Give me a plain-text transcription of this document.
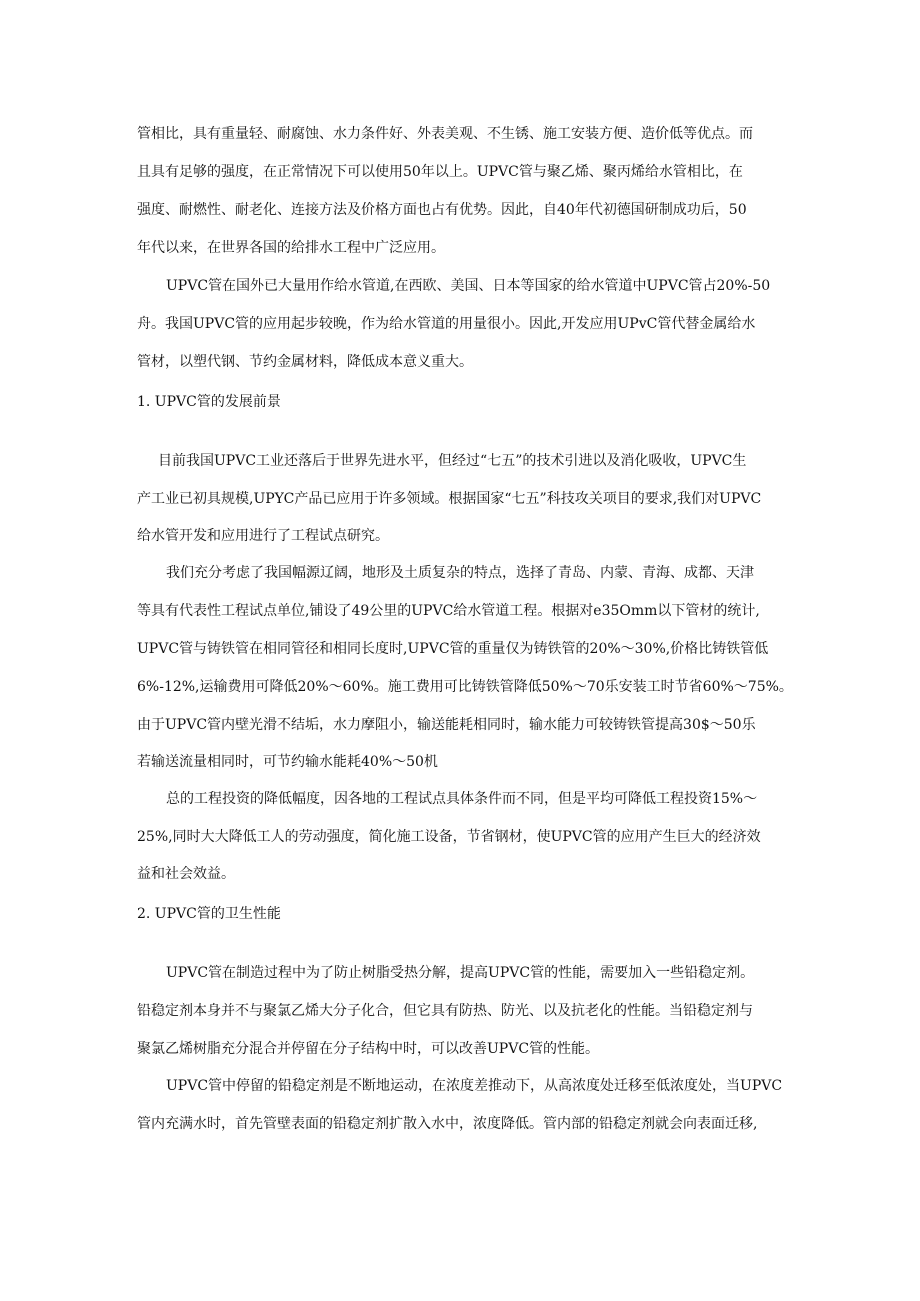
管相比，具有重量轻、耐腐蚀、水力条件好、外表美观、不生锈、施工安装方便、造价低等优点。而
且具有足够的强度，在正常情况下可以使用50年以上。UPVC管与聚乙烯、聚丙烯给水管相比，在
强度、耐燃性、耐老化、连接方法及价格方面也占有优势。因此，自40年代初德国研制成功后，50
年代以来，在世界各国的给排水工程中广泛应用。
UPVC管在国外已大量用作给水管道,在西欧、美国、日本等国家的给水管道中UPVC管占20%-50
舟。我国UPVC管的应用起步较晚，作为给水管道的用量很小。因此,开发应用UPvC管代替金属给水
管材，以塑代钢、节约金属材料，降低成本意义重大。
1. UPVC管的发展前景
目前我国UPVC工业还落后于世界先进水平，但经过“七五”的技术引进以及消化吸收，UPVC生
产工业已初具规模,UPYC产品已应用于许多领域。根据国家“七五”科技攻关项目的要求,我们对UPVC
给水管开发和应用进行了工程试点研究。
我们充分考虑了我国幅源辽阔，地形及土质复杂的特点，选择了青岛、内蒙、青海、成都、天津
等具有代表性工程试点单位,铺设了49公里的UPVC给水管道工程。根据对e35Omm以下管材的统计,
UPVC管与铸铁管在相同管径和相同长度时,UPVC管的重量仅为铸铁管的20%～30%,价格比铸铁管低
6%-12%,运输费用可降低20%～60%。施工费用可比铸铁管降低50%～70乐安装工时节省60%～75%。
由于UPVC管内壁光滑不结垢，水力摩阻小，输送能耗相同时，输水能力可较铸铁管提高30$～50乐
若输送流量相同时，可节约输水能耗40%～50机
总的工程投资的降低幅度，因各地的工程试点具体条件而不同，但是平均可降低工程投资15%～
25%,同时大大降低工人的劳动强度，简化施工设备，节省钢材，使UPVC管的应用产生巨大的经济效
益和社会效益。
2. UPVC管的卫生性能
UPVC管在制造过程中为了防止树脂受热分解，提高UPVC管的性能，需要加入一些铅稳定剂。
铅稳定剂本身并不与聚氯乙烯大分子化合，但它具有防热、防光、以及抗老化的性能。当铅稳定剂与
聚氯乙烯树脂充分混合并停留在分子结构中时，可以改善UPVC管的性能。
UPVC管中停留的铅稳定剂是不断地运动，在浓度差推动下，从高浓度处迁移至低浓度处，当UPVC
管内充满水时，首先管壁表面的铅稳定剂扩散入水中，浓度降低。管内部的铅稳定剂就会向表面迁移,
